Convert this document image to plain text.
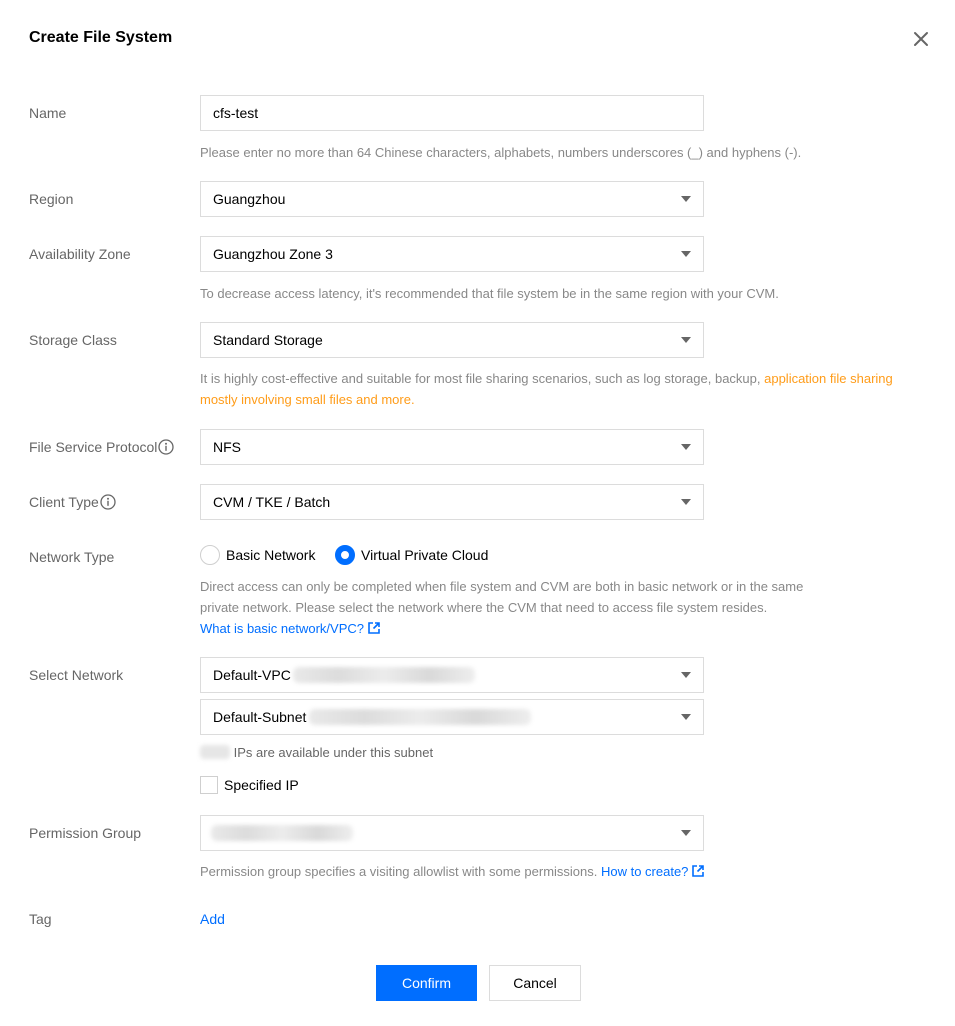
Create File System
Name	cfs-test
Please enter no more than 64 Chinese characters, alphabets, numbers underscores (_) and hyphens (-).
Region	Guangzhou
Availability Zone	Guangzhou Zone 3
To decrease access latency, it's recommended that file system be in the same region with your CVM.
Storage Class	Standard Storage
It is highly cost-effective and suitable for most file sharing scenarios, such as log storage, backup, application file sharing mostly involving small files and more.
File Service Protocol	NFS
Client Type	CVM / TKE / Batch
Network Type	Basic Network	Virtual Private Cloud
Direct access can only be completed when file system and CVM are both in basic network or in the same
private network. Please select the network where the CVM that need to access file system resides.
What is basic network/VPC?
Select Network	Default-VPC
Default-Subnet
IPs are available under this subnet
Specified IP
Permission Group
Permission group specifies a visiting allowlist with some permissions. How to create?
Tag	Add
Confirm	Cancel
